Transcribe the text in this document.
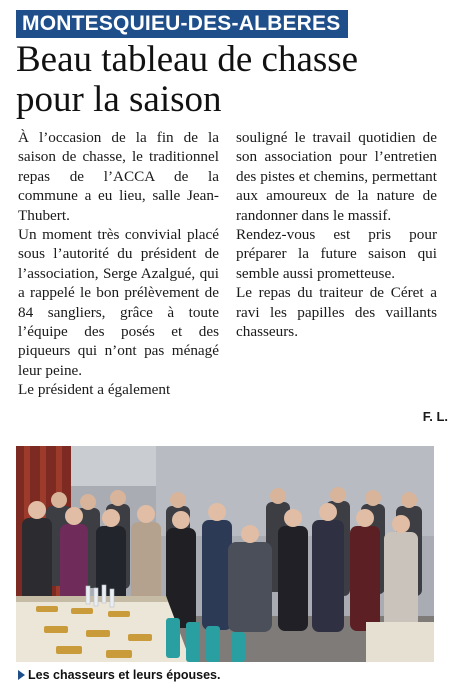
MONTESQUIEU-DES-ALBERES
Beau tableau de chasse
pour la saison

À l’occasion de la fin de la saison de chasse, le traditionnel repas de l’ACCA de la commune a eu lieu, salle Jean-Thubert.

Un moment très convivial placé sous l’autorité du président de l’association, Serge Azalgué, qui a rappelé le bon prélèvement de 84 sangliers, grâce à toute l’équipe des posés et des piqueurs qui n’ont pas ménagé leur peine.

Le président a également

souligné le travail quotidien de son association pour l’entretien des pistes et chemins, permettant aux amoureux de la nature de randonner dans le massif.

Rendez-vous est pris pour préparer la future saison qui semble aussi prometteuse.

Le repas du traiteur de Céret a ravi les papilles des vaillants chasseurs.

F. L.
Les chasseurs et leurs épouses.
